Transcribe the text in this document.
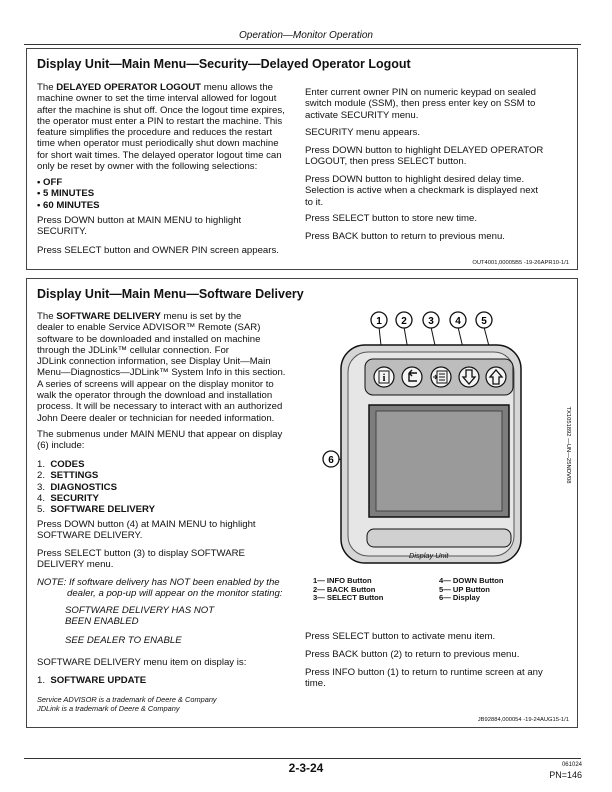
Operation—Monitor Operation
Display Unit—Main Menu—Security—Delayed Operator Logout
The DELAYED OPERATOR LOGOUT menu allows the
machine owner to set the time interval allowed for logout
after the machine is shut off. Once the logout time expires,
the operator must enter a PIN to restart the machine. This
feature simplifies the procedure and reduces the restart
time when operator must periodically shut down machine
for short wait times. The delayed operator logout time can
only be reset by owner with the following selections:
• OFF
• 5 MINUTES
• 60 MINUTES
Press DOWN button at MAIN MENU to highlight
SECURITY.
Press SELECT button and OWNER PIN screen appears.
Enter current owner PIN on numeric keypad on sealed
switch module (SSM), then press enter key on SSM to
activate SECURITY menu.
SECURITY menu appears.
Press DOWN button to highlight DELAYED OPERATOR
LOGOUT, then press SELECT button.
Press DOWN button to highlight desired delay time.
Selection is active when a checkmark is displayed next
to it.
Press SELECT button to store new time.
Press BACK button to return to previous menu.
OUT4001,00005B5 -19-26APR10-1/1
Display Unit—Main Menu—Software Delivery
The SOFTWARE DELIVERY menu is set by the
dealer to enable Service ADVISOR™ Remote (SAR)
software to be downloaded and installed on machine
through the JDLink™ cellular connection. For
JDLink connection information, see Display Unit—Main
Menu—Diagnostics—JDLink™ System Info in this section.
A series of screens will appear on the display monitor to
walk the operator through the download and installation
process. It will be necessary to interact with an authorized
John Deere dealer or technician for needed information.
The submenus under MAIN MENU that appear on display
(6) include:
1. CODES
2. SETTINGS
3. DIAGNOSTICS
4. SECURITY
5. SOFTWARE DELIVERY
Press DOWN button (4) at MAIN MENU to highlight
SOFTWARE DELIVERY.
Press SELECT button (3) to display SOFTWARE
DELIVERY menu.
NOTE: If software delivery has NOT been enabled by the
dealer, a pop-up will appear on the monitor stating:
SOFTWARE DELIVERY HAS NOT
BEEN ENABLED
SEE DEALER TO ENABLE
SOFTWARE DELIVERY menu item on display is:
1. SOFTWARE UPDATE
Service ADVISOR is a trademark of Deere & Company
JDLink is a trademark of Deere & Company
i
1 2 3 4 5
6	TX1051892 —UN—25NOV08
Display Unit
1— INFO Button
2— BACK Button
3— SELECT Button
4— DOWN Button
5— UP Button
6— Display
Press SELECT button to activate menu item.
Press BACK button (2) to return to previous menu.
Press INFO button (1) to return to runtime screen at any
time.
JB92884,000054 -19-24AUG15-1/1
2-3-24	061024
PN=146
